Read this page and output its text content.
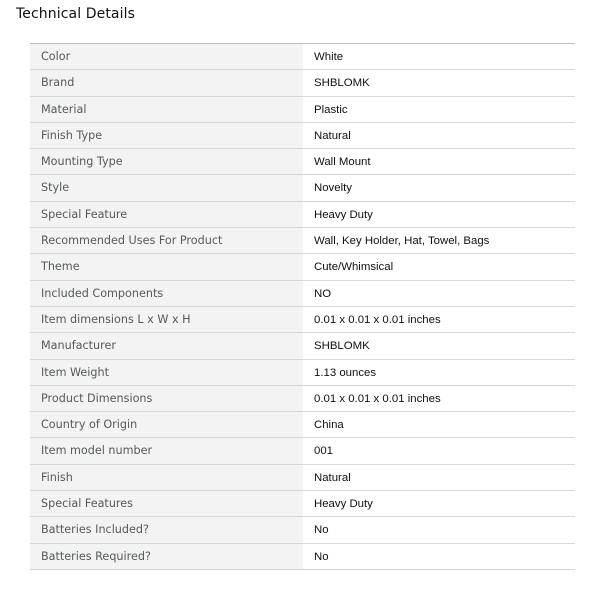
Technical Details
Color	White
Brand	SHBLOMK
Material	Plastic
Finish Type	Natural
Mounting Type	Wall Mount
Style	Novelty
Special Feature	Heavy Duty
Recommended Uses For Product	Wall, Key Holder, Hat, Towel, Bags
Theme	Cute/Whimsical
Included Components	NO
Item dimensions L x W x H	0.01 x 0.01 x 0.01 inches
Manufacturer	SHBLOMK
Item Weight	1.13 ounces
Product Dimensions	0.01 x 0.01 x 0.01 inches
Country of Origin	China
Item model number	001
Finish	Natural
Special Features	Heavy Duty
Batteries Included?	No
Batteries Required?	No
